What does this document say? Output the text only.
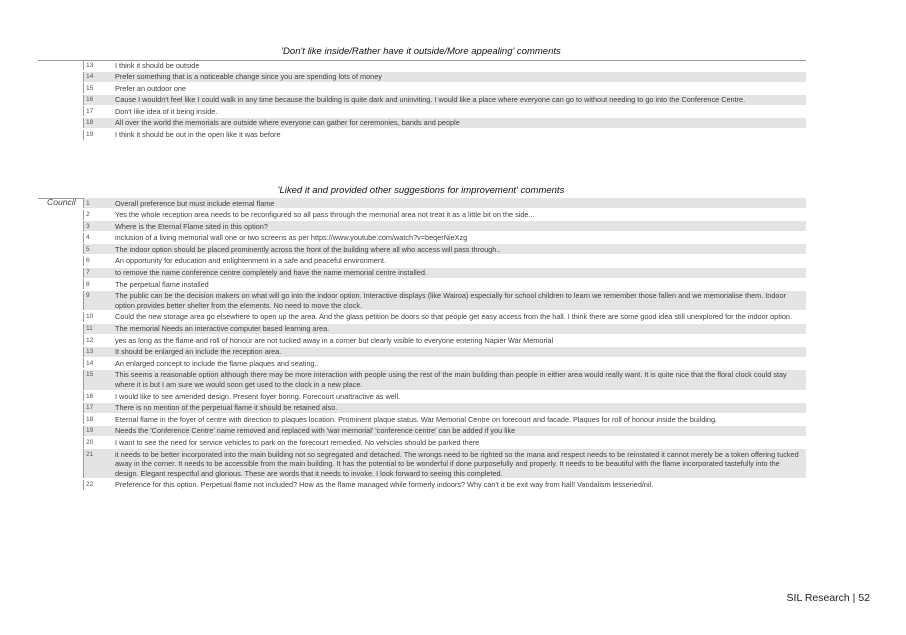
'Don't like inside/Rather have it outside/More appealing' comments
13	I think it should be outside
14	Prefer something that is a noticeable change since you are spending lots of money
15	Prefer an outdoor one
16	Cause I wouldn't feel like I could walk in any time because the building is quite dark and uninviting. I would like a place where everyone can go to without needing to go into the Conference Centre.
17	Don't like idea of it being inside.
18	All over the world the memorials are outside where everyone can gather for ceremonies, bands and people
19	I think it should be out in the open like it was before
'Liked it and provided other suggestions for improvement' comments
Council	1	Overall preference but must include eternal flame
2	Yes the whole reception area needs to be reconfigured so all pass through the memorial area not treat it as a little bit on the side...
3	Where is the Eternal Flame sited in this option?
4	inclusion of a living memorial wall one or two screens as per https://www.youtube.com/watch?v=beqerNieXzg
5	The indoor option should be placed prominently across the front of the building where all who access will pass through..
6	An opportunity for education and enlightenment in a safe and peaceful environment.
7	to remove the name conference centre completely and have the name memorial centre installed.
8	The perpetual flame installed
9	The public can be the decision makers on what will go into the indoor option. Interactive displays (like Wairoa) especially for school children to learn we remember those fallen and we memorialise them. Indoor option provides better shelter from the elements. No need to move the clock.
10	Could the new storage area go elsewhere to open up the area. And the glass petition be doors so that people get easy access from the hall. I think there are some good idea still unexplored for the indoor option.
11	The memorial Needs an interactive computer based learning area.
12	yes as long as the flame and roll of honour are not tucked away in a corner but clearly visible to everyone entering Napier War Memorial
13	It should be enlarged an include the reception area.
14	An enlarged concept to include the flame plaques and seating..
15	This seems a reasonable option although there may be more interaction with people using the rest of the main building than people in either area would really want. It is quite nice that the floral clock could stay where it is but I am sure we would soon get used to the clock in a new place.
16	I would like to see amended design. Present foyer boring. Forecourt unattractive as well.
17	There is no mention of the perpetual flame it should be retained also.
18	Eternal flame in the foyer of centre with direction to plaques location. Prominent plaque status. War Memorial Centre on forecourt and facade. Plaques for roll of honour inside the building.
19	Needs the 'Conference Centre' name removed and replaced with 'war memorial' 'conference centre' can be added if you like
20	I want to see the need for service vehicles to park on the forecourt remedied. No vehicles should be parked there
21	it needs to be better incorporated into the main building not so segregated and detached. The wrongs need to be righted so the mana and respect needs to be reinstated it cannot merely be a token offering tucked away in the corner. It needs to be accessible from the main building. It has the potential to be wonderful if done purposefully and properly. It needs to be beautiful with the flame incorporated tastefully into the design. Elegant respectful and glorious. These are words that it needs to invoke. I look forward to seeing this completed.
22	Preference for this option. Perpetual flame not included? How as the flame managed while formerly indoors? Why can't it be exit way from hall! Vandalism lessened/nil.
SIL Research | 52
